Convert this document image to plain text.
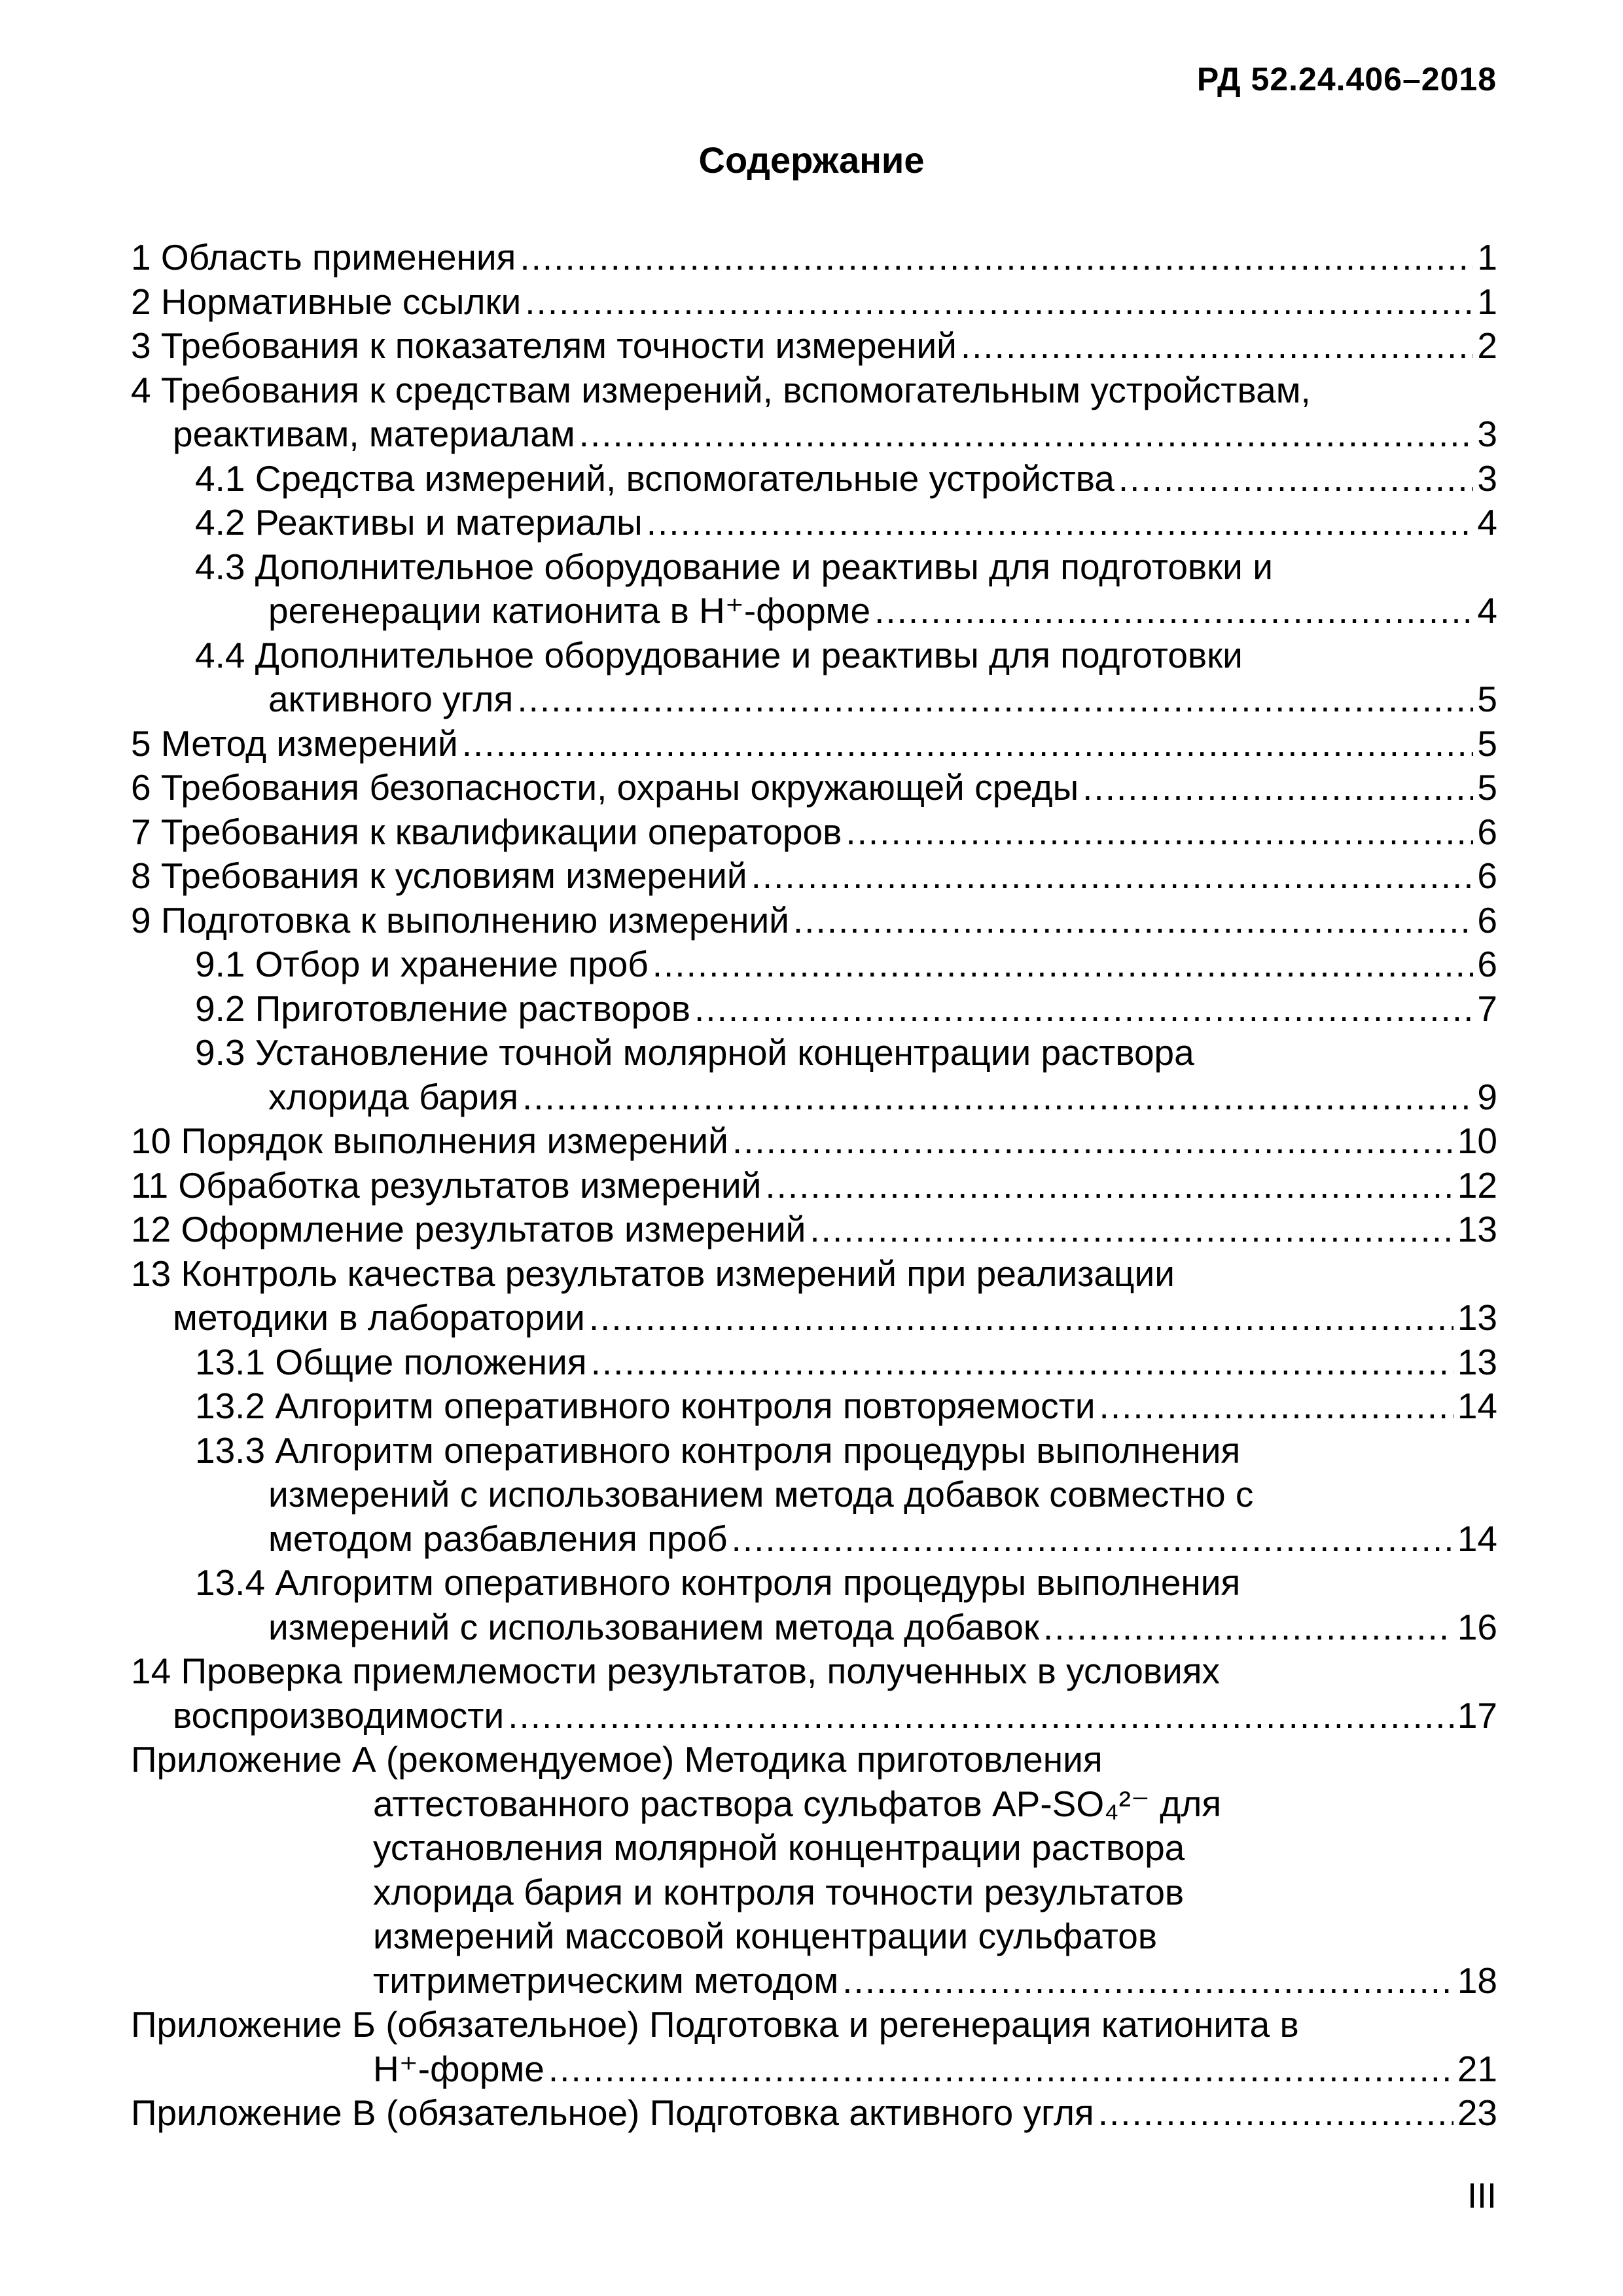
РД 52.24.406–2018
Содержание
1 Область применения .....	1
2 Нормативные ссылки .....	1
3 Требования к показателям точности измерений .....	2
4 Требования к средствам измерений, вспомогательным устройствам,
реактивам, материалам .....	3
4.1 Средства измерений, вспомогательные устройства .....	3
4.2 Реактивы и материалы .....	4
4.3 Дополнительное оборудование и реактивы для подготовки и
регенерации катионита в H⁺-форме .....	4
4.4 Дополнительное оборудование и реактивы для подготовки
активного угля .....	5
5 Метод измерений .....	5
6 Требования безопасности, охраны окружающей среды .....	5
7 Требования к квалификации операторов .....	6
8 Требования к условиям измерений .....	6
9 Подготовка к выполнению измерений .....	6
9.1 Отбор и хранение проб .....	6
9.2 Приготовление растворов .....	7
9.3 Установление точной молярной концентрации раствора
хлорида бария .....	9
10 Порядок выполнения измерений .....	10
11 Обработка результатов измерений .....	12
12 Оформление результатов измерений .....	13
13 Контроль качества результатов измерений при реализации
методики в лаборатории .....	13
13.1 Общие положения .....	13
13.2 Алгоритм оперативного контроля повторяемости .....	14
13.3 Алгоритм оперативного контроля процедуры выполнения
измерений с использованием метода добавок совместно с
методом разбавления проб .....	14
13.4 Алгоритм оперативного контроля процедуры выполнения
измерений с использованием метода добавок .....	16
14 Проверка приемлемости результатов, полученных в условиях
воспроизводимости .....	17
Приложение А (рекомендуемое) Методика приготовления
аттестованного раствора сульфатов АР-SO₄²⁻ для
установления молярной концентрации раствора
хлорида бария и контроля точности результатов
измерений массовой концентрации сульфатов
титриметрическим методом .....	18
Приложение Б (обязательное) Подготовка и регенерация катионита в
H⁺-форме .....	21
Приложение В (обязательное) Подготовка активного угля .....	23
III
